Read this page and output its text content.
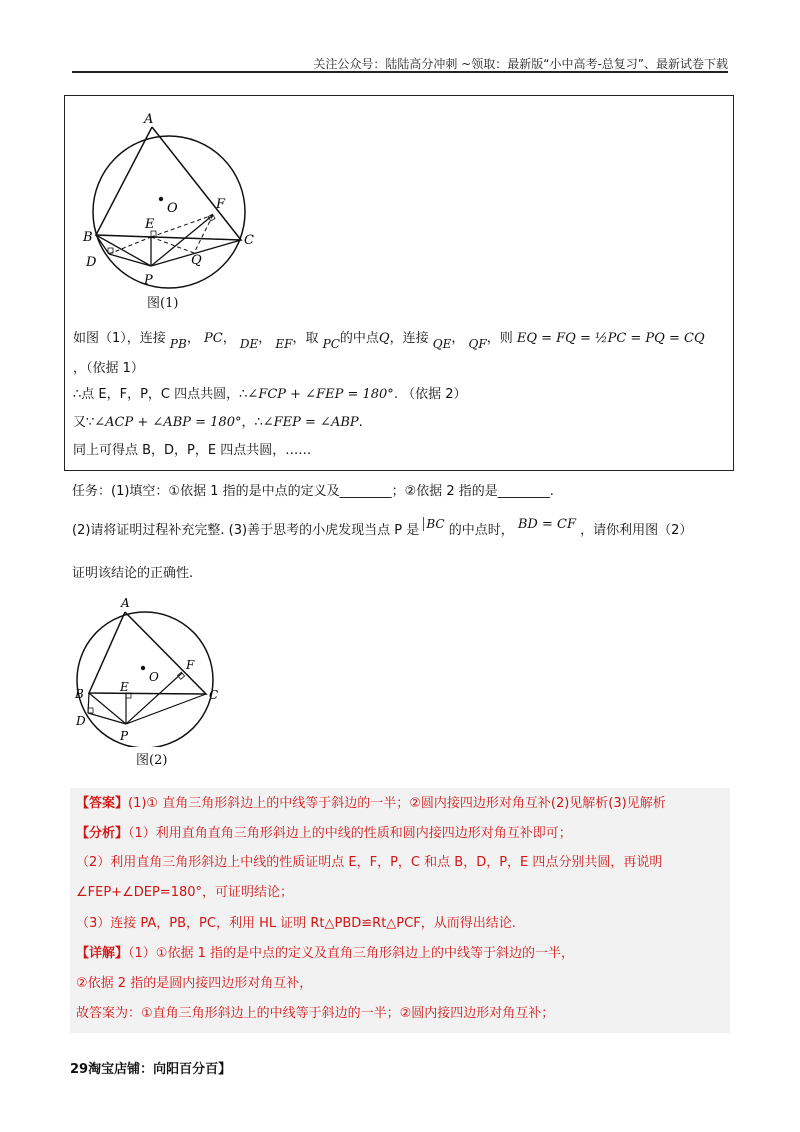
关注公众号：陆陆高分冲刺 ~领取：最新版“小中高考-总复习”、最新试卷下载
A
O	F
E
B	C
Q
D
P
图(1)
如图（1），连接 PB， PC， DE， EF，取 PC的中点Q，连接 QE， QF，则 EQ = FQ = ½PC = PQ = CQ
，（依据 1）
∴点 E，F，P，C 四点共圆，∴∠FCP + ∠FEP = 180°. （依据 2）
又∵∠ACP + ∠ABP = 180°，∴∠FEP = ∠ABP.
同上可得点 B，D，P，E 四点共圆，……
任务：(1)填空：①依据 1 指的是中点的定义及________；②依据 2 指的是________.
(2)请将证明过程补充完整. (3)善于思考的小虎发现当点 P 是 BC 的中点时， BD = CF ，请你利用图（2）
证明该结论的正确性.
A
O
F
E
B	C
D
P
图(2)
【答案】(1)① 直角三角形斜边上的中线等于斜边的一半；②圆内接四边形对角互补(2)见解析(3)见解析
【分析】（1）利用直角直角三角形斜边上的中线的性质和圆内接四边形对角互补即可；
（2）利用直角三角形斜边上中线的性质证明点 E，F，P，C 和点 B，D，P，E 四点分别共圆，再说明
∠FEP+∠DEP=180°，可证明结论；
（3）连接 PA，PB，PC，利用 HL 证明 Rt△PBD≌Rt△PCF，从而得出结论.
【详解】（1）①依据 1 指的是中点的定义及直角三角形斜边上的中线等于斜边的一半，
②依据 2 指的是圆内接四边形对角互补，
故答案为：①直角三角形斜边上的中线等于斜边的一半；②圆内接四边形对角互补；
29淘宝店铺：向阳百分百】
